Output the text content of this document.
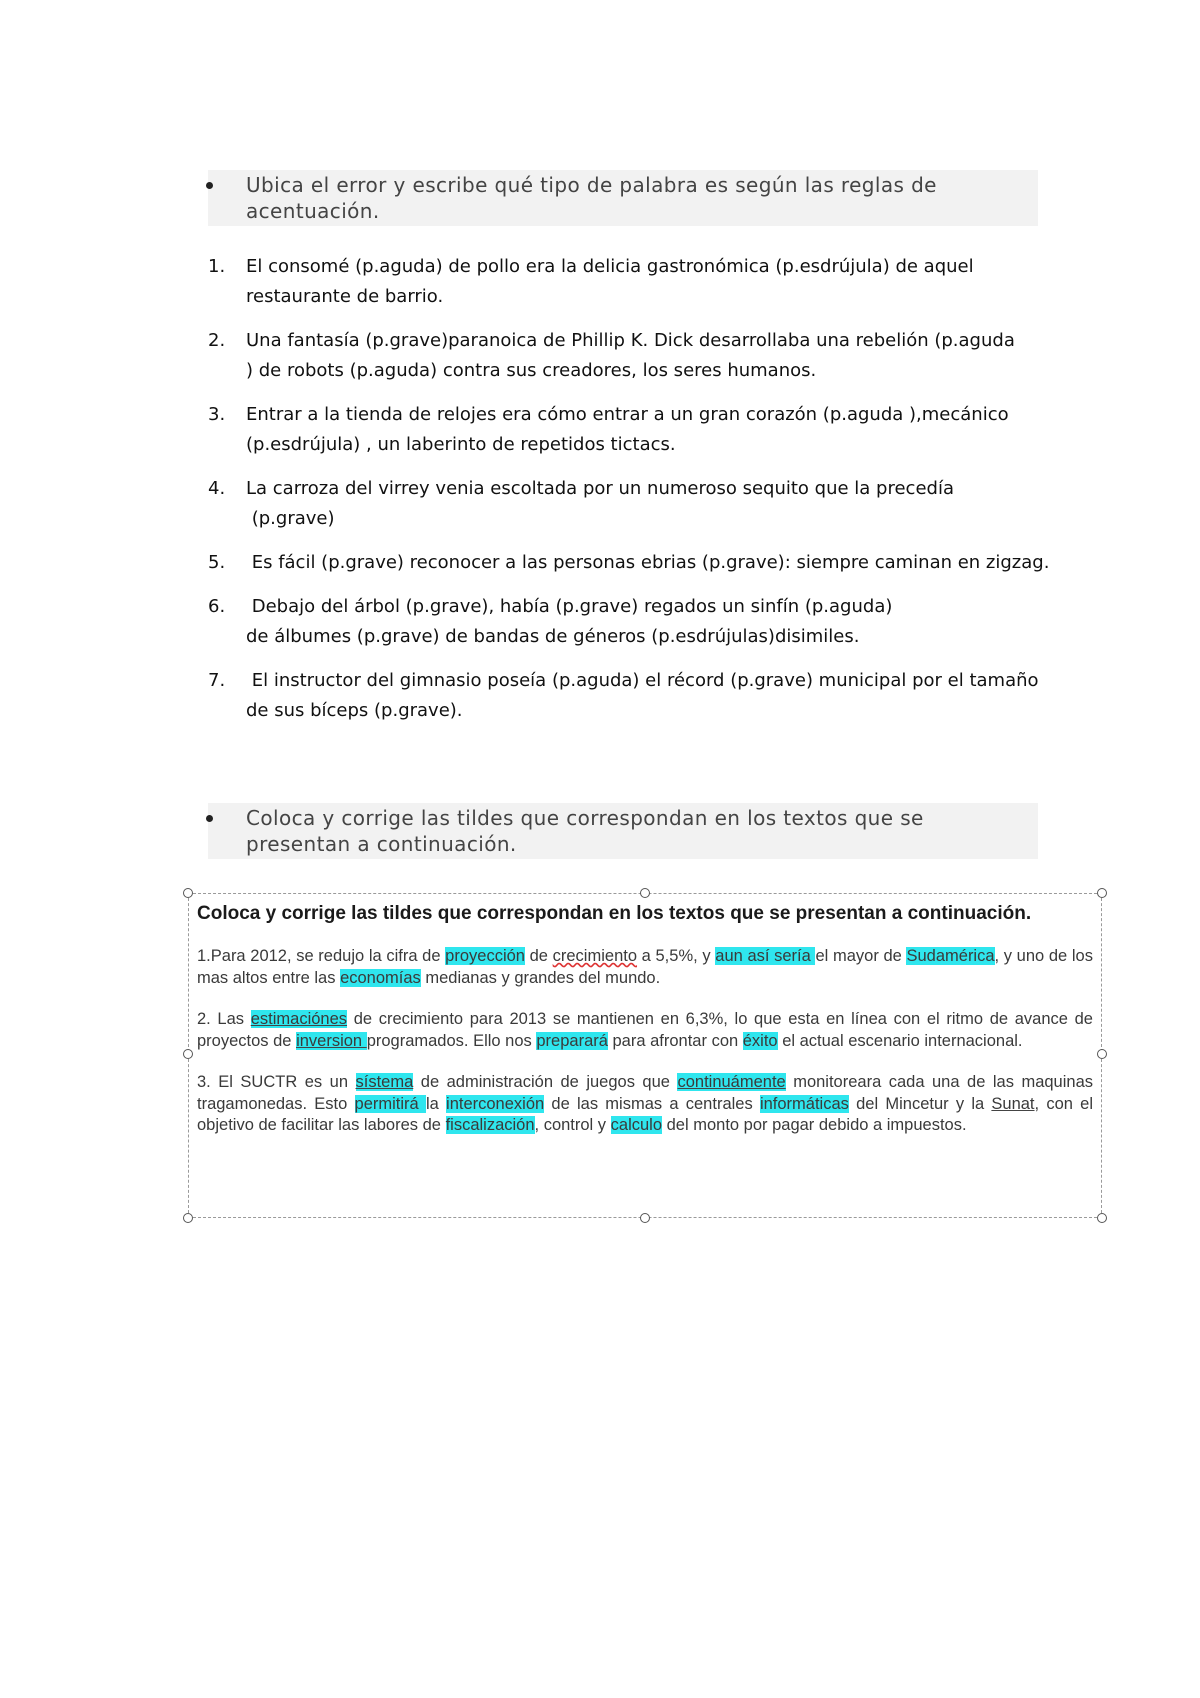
Ubica el error y escribe qué tipo de palabra es según las reglas de
acentuación.
1. El consomé (p.aguda) de pollo era la delicia gastronómica (p.esdrújula) de aquel
restaurante de barrio.
2. Una fantasía (p.grave)paranoica de Phillip K. Dick desarrollaba una rebelión (p.aguda
) de robots (p.aguda) contra sus creadores, los seres humanos.
3. Entrar a la tienda de relojes era cómo entrar a un gran corazón (p.aguda ),mecánico
(p.esdrújula) , un laberinto de repetidos tictacs.
4. La carroza del virrey venia escoltada por un numeroso sequito que la precedía
(p.grave)
5. Es fácil (p.grave) reconocer a las personas ebrias (p.grave): siempre caminan en zigzag.
6. Debajo del árbol (p.grave), había (p.grave) regados un sinfín (p.aguda)
de álbumes (p.grave) de bandas de géneros (p.esdrújulas)disimiles.
7. El instructor del gimnasio poseía (p.aguda) el récord (p.grave) municipal por el tamaño
de sus bíceps (p.grave).
Coloca y corrige las tildes que correspondan en los textos que se
presentan a continuación.
Coloca y corrige las tildes que correspondan en los textos que se presentan a continuación.
1.Para 2012, se redujo la cifra de proyección de crecimiento a 5,5%, y aun así sería el mayor de Sudamérica, y uno de los mas altos entre las economías medianas y grandes del mundo.
2. Las estimaciónes de crecimiento para 2013 se mantienen en 6,3%, lo que esta en línea con el ritmo de avance de proyectos de inversion programados. Ello nos preparará para afrontar con éxito el actual escenario internacional.
3. El SUCTR es un sístema de administración de juegos que continuámente monitoreara cada una de las maquinas tragamonedas. Esto permitirá la interconexión de las mismas a centrales informáticas del Mincetur y la Sunat, con el objetivo de facilitar las labores de fiscalización, control y calculo del monto por pagar debido a impuestos.
